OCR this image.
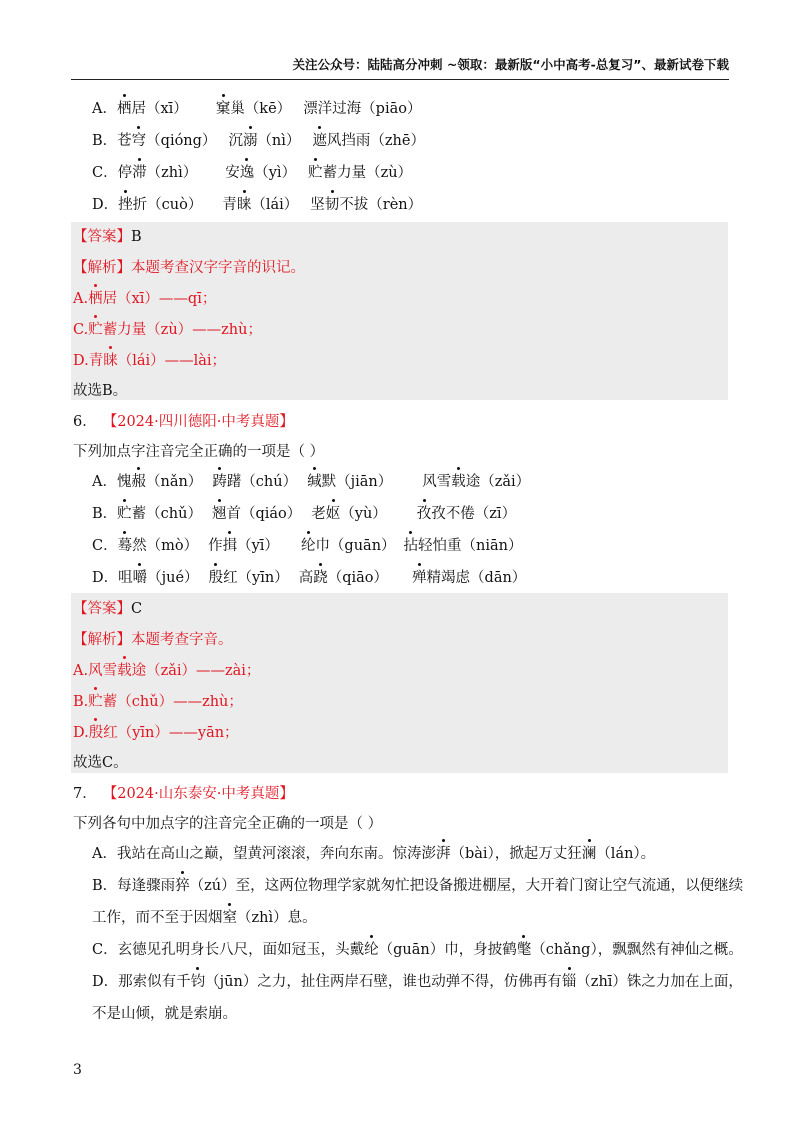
关注公众号：陆陆高分冲刺 ~领取：最新版“小中高考-总复习”、最新试卷下载
A．栖居（xī） 窠巢（kē） 漂洋过海（piāo）
B．苍穹（qióng） 沉溺（nì） 遮风挡雨（zhē）
C．停滞（zhì） 安逸（yì） 贮蓄力量（zù）
D．挫折（cuò） 青睐（lái） 坚韧不拔（rèn）
【答案】B
【解析】本题考查汉字字音的识记。
A.栖居（xī）——qī；
C.贮蓄力量（zù）——zhù；
D.青睐（lái）——lài；
故选B。
6． 【2024·四川德阳·中考真题】
下列加点字注音完全正确的一项是（ ）
A．愧赧（nǎn） 踌躇（chú） 缄默（jiān） 风雪载途（zǎi）
B．贮蓄（chǔ） 翘首（qiáo） 老妪（yù） 孜孜不倦（zī）
C．蓦然（mò） 作揖（yī） 纶巾（guān） 拈轻怕重（niān）
D．咀嚼（jué） 殷红（yīn） 高跷（qiāo） 殚精竭虑（dān）
【答案】C
【解析】本题考查字音。
A.风雪载途（zǎi）——zài；
B.贮蓄（chǔ）——zhù；
D.殷红（yīn）——yān；
故选C。
7． 【2024·山东泰安·中考真题】
下列各句中加点字的注音完全正确的一项是（ ）
A．我站在高山之巅，望黄河滚滚，奔向东南。惊涛澎湃（bài），掀起万丈狂澜（lán）。
B．每逢骤雨猝（zú）至，这两位物理学家就匆忙把设备搬进棚屋，大开着门窗让空气流通，以便继续
工作，而不至于因烟窒（zhì）息。
C．玄德见孔明身长八尺，面如冠玉，头戴纶（guān）巾，身披鹤氅（chǎng），飘飘然有神仙之概。
D．那索似有千钧（jūn）之力，扯住两岸石壁，谁也动弹不得，仿佛再有锱（zhī）铢之力加在上面，
不是山倾，就是索崩。
3
